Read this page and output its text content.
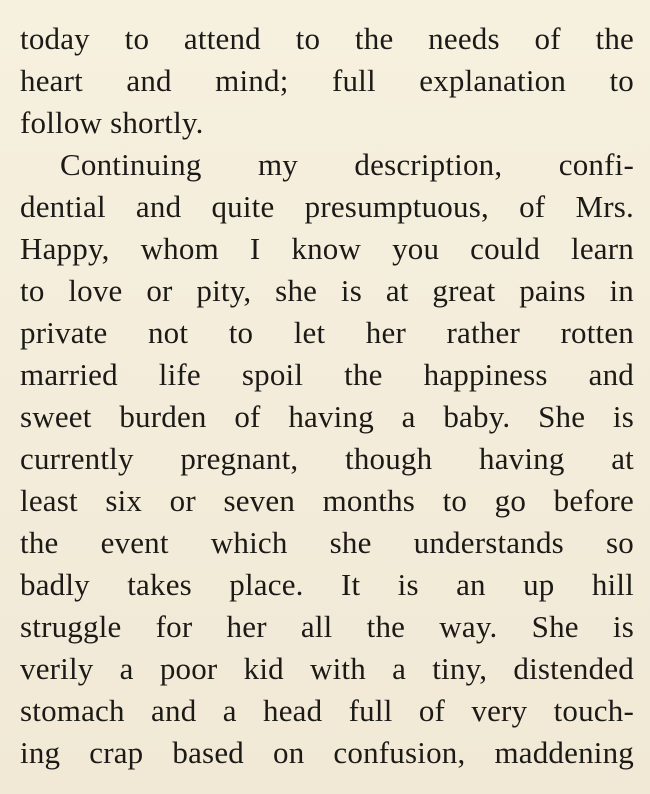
today to attend to the needs of the
heart and mind; full explanation to
follow shortly.
Continuing my description, confi-
dential and quite presumptuous, of Mrs.
Happy, whom I know you could learn
to love or pity, she is at great pains in
private not to let her rather rotten
married life spoil the happiness and
sweet burden of having a baby. She is
currently pregnant, though having at
least six or seven months to go before
the event which she understands so
badly takes place. It is an up hill
struggle for her all the way. She is
verily a poor kid with a tiny, distended
stomach and a head full of very touch-
ing crap based on confusion, maddening
